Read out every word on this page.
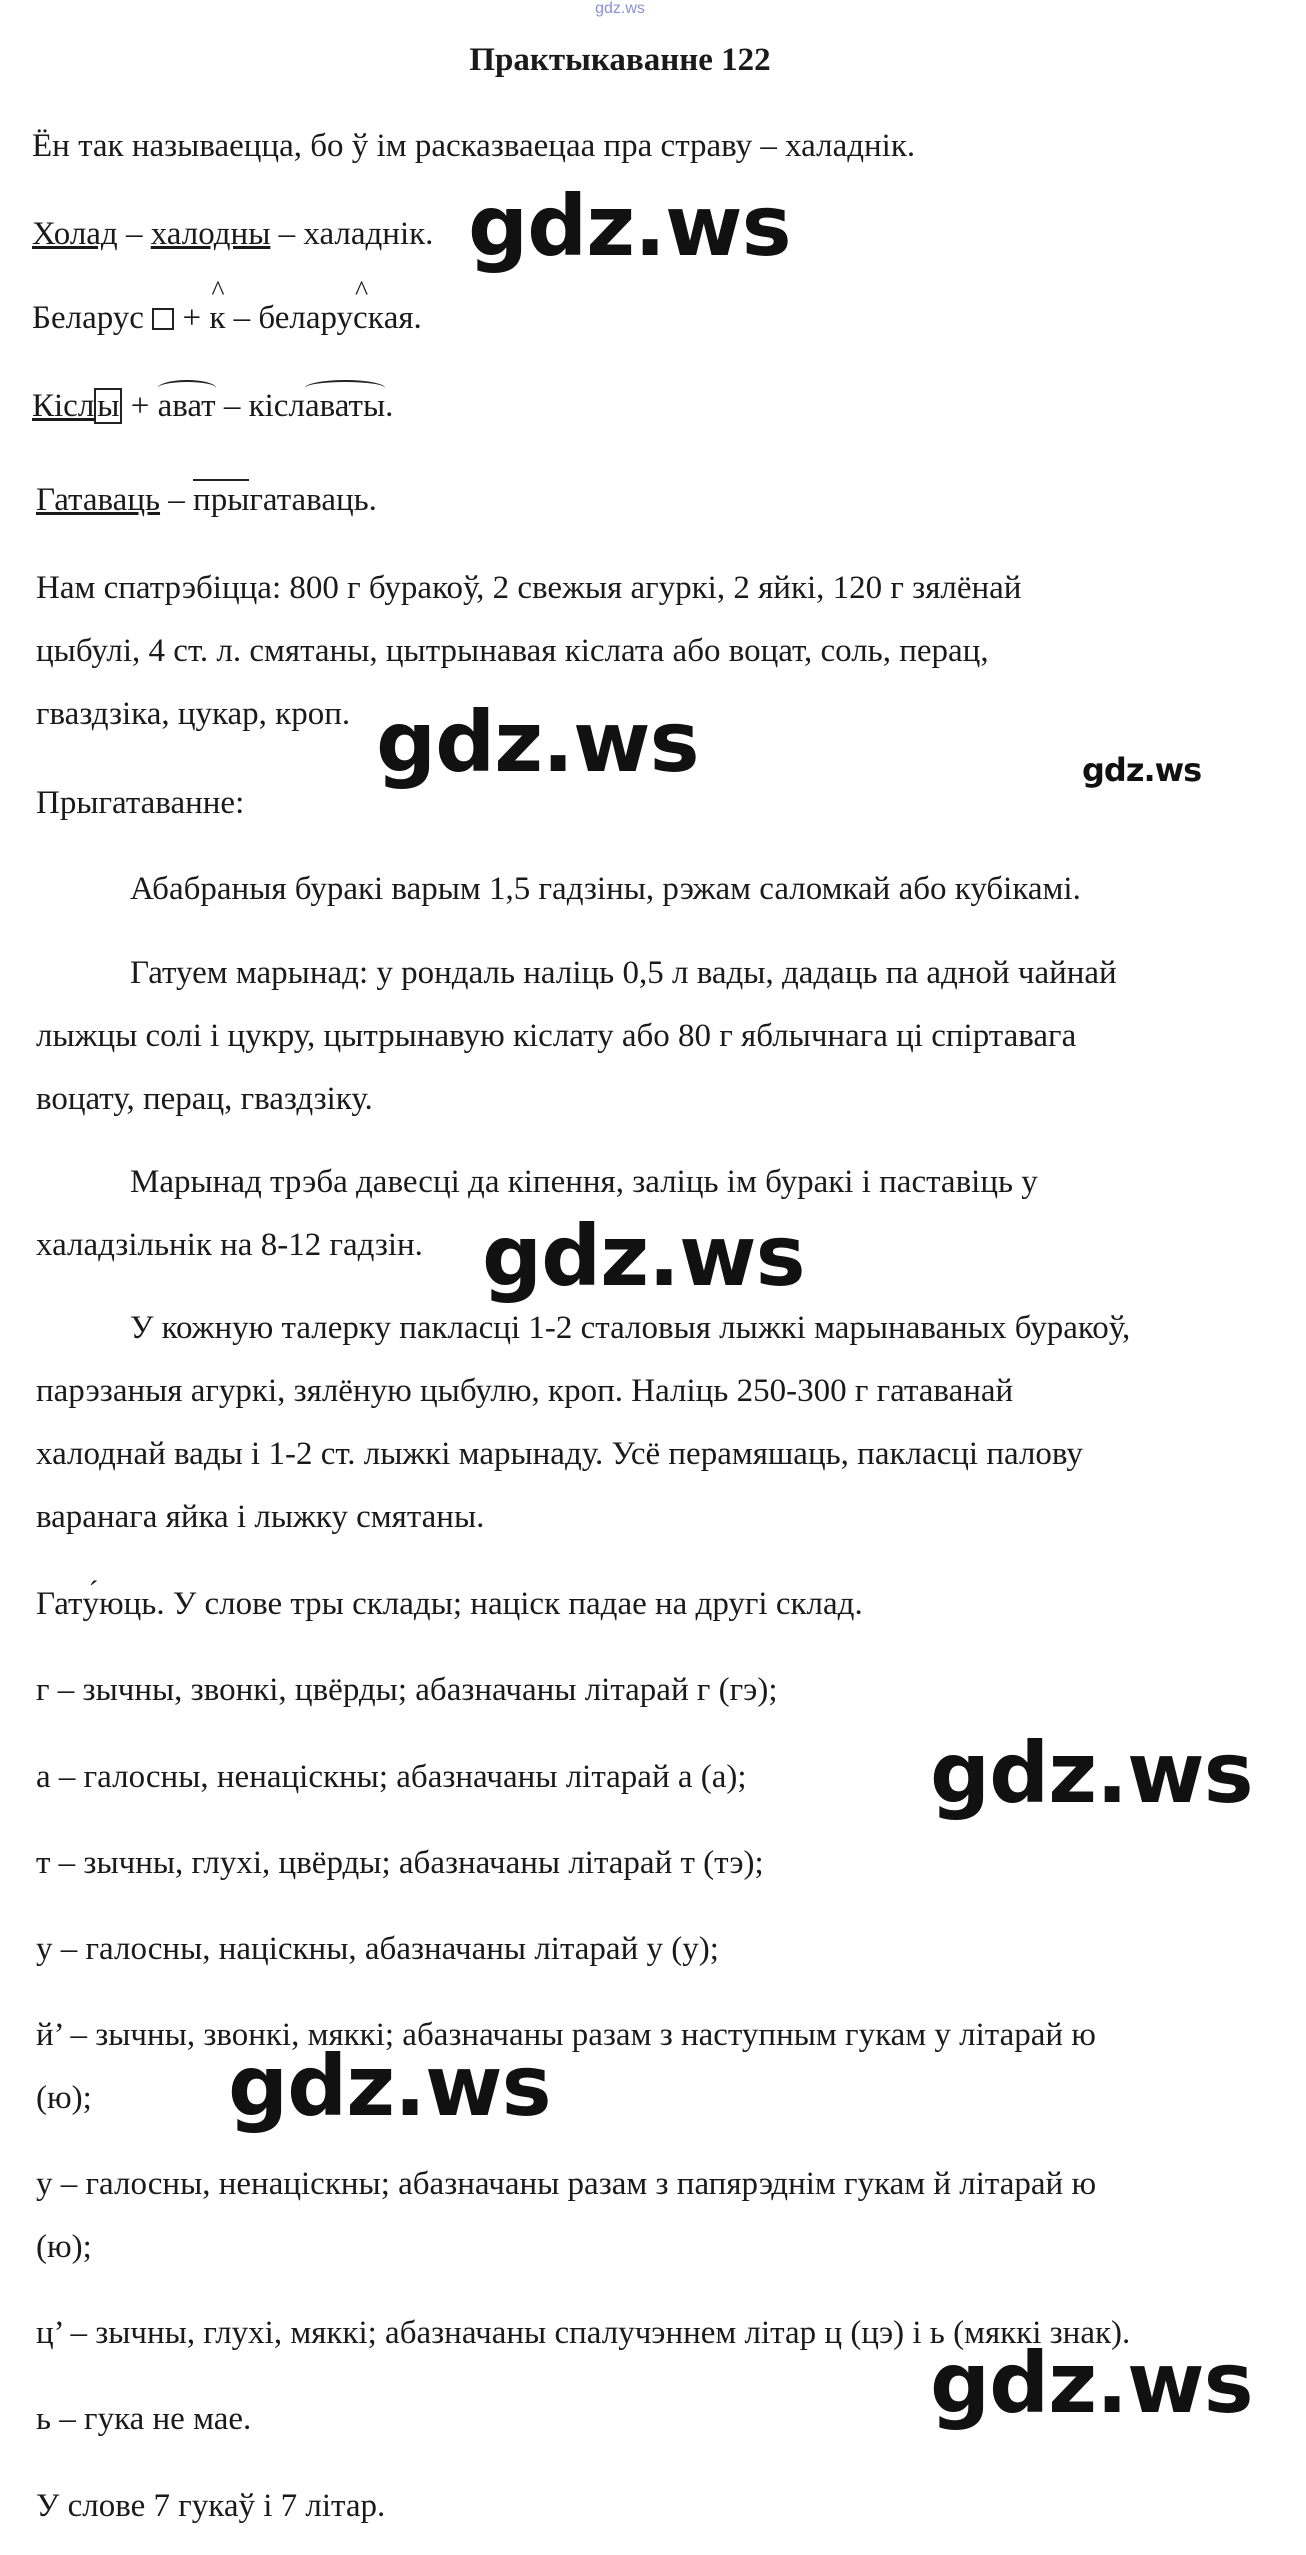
gdz.ws
Практыкаванне 122
Ён так называецца, бо ў ім расказваецаа пра страву – халаднік.
Холад – халодны – халаднік.
Беларус  + ^ к – белару^ ская.
Кіслы + ават – кіславаты.
Гатаваць – прыгатаваць.
Нам спатрэбіцца: 800 г буракоў, 2 свежыя агуркі, 2 яйкі, 120 г зялёнай
цыбулі, 4 ст. л. смятаны, цытрынавая кіслата або воцат, соль, перац,
гваздзіка, цукар, кроп.
Прыгатаванне:
Абабраныя буракі варым 1,5 гадзіны, рэжам саломкай або кубікамі.
Гатуем марынад: у рондаль наліць 0,5 л вады, дадаць па адной чайнай
лыжцы солі і цукру, цытрынавую кіслату або 80 г яблычнага ці спіртавага
воцату, перац, гваздзіку.
Марынад трэба давесці да кіпення, заліць ім буракі і паставіць у
халадзільнік на 8-12 гадзін.
У кожную талерку пакласці 1-2 сталовыя лыжкі марынаваных буракоў,
парэзаныя агуркі, зялёную цыбулю, кроп. Наліць 250-300 г гатаванай
халоднай вады і 1-2 ст. лыжкі марынаду. Усё перамяшаць, пакласці палову
варанага яйка і лыжку смятаны.
Гату ´юць. У слове тры склады; націск падае на другі склад.
г – зычны, звонкі, цвёрды; абазначаны літарай г (гэ);
а – галосны, ненаціскны; абазначаны літарай а (а);
т – зычны, глухі, цвёрды; абазначаны літарай т (тэ);
у – галосны, націскны, абазначаны літарай у (у);
й’ – зычны, звонкі, мяккі; абазначаны разам з наступным гукам у літарай ю
(ю);
у – галосны, ненаціскны; абазначаны разам з папярэднім гукам й літарай ю
(ю);
ц’ – зычны, глухі, мяккі; абазначаны спалучэннем літар ц (цэ) і ь (мяккі знак).
ь – гука не мае.
У слове 7 гукаў і 7 літар.
gdz.ws
gdz.ws	gdz.ws
gdz.ws
gdz.ws
gdz.ws
gdz.ws
